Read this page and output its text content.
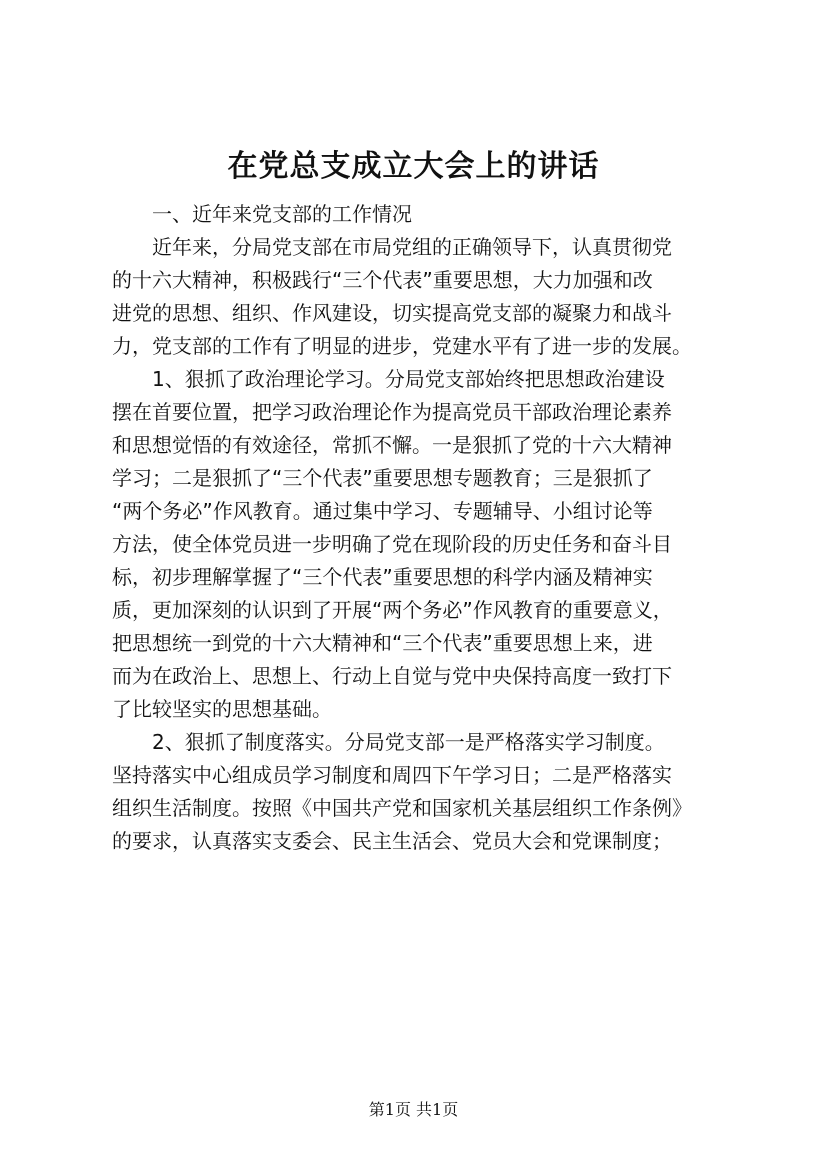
在党总支成立大会上的讲话
　　一、近年来党支部的工作情况
　　近年来，分局党支部在市局党组的正确领导下，认真贯彻党
的十六大精神，积极践行“三个代表”重要思想，大力加强和改
进党的思想、组织、作风建设，切实提高党支部的凝聚力和战斗
力，党支部的工作有了明显的进步，党建水平有了进一步的发展。
　　1、狠抓了政治理论学习。分局党支部始终把思想政治建设
摆在首要位置，把学习政治理论作为提高党员干部政治理论素养
和思想觉悟的有效途径，常抓不懈。一是狠抓了党的十六大精神
学习；二是狠抓了“三个代表”重要思想专题教育；三是狠抓了
“两个务必”作风教育。通过集中学习、专题辅导、小组讨论等
方法，使全体党员进一步明确了党在现阶段的历史任务和奋斗目
标，初步理解掌握了“三个代表”重要思想的科学内涵及精神实
质，更加深刻的认识到了开展“两个务必”作风教育的重要意义，
把思想统一到党的十六大精神和“三个代表”重要思想上来，进
而为在政治上、思想上、行动上自觉与党中央保持高度一致打下
了比较坚实的思想基础。
　　2、狠抓了制度落实。分局党支部一是严格落实学习制度。
坚持落实中心组成员学习制度和周四下午学习日；二是严格落实
组织生活制度。按照《中国共产党和国家机关基层组织工作条例》
的要求，认真落实支委会、民主生活会、党员大会和党课制度；
第1页 共1页
